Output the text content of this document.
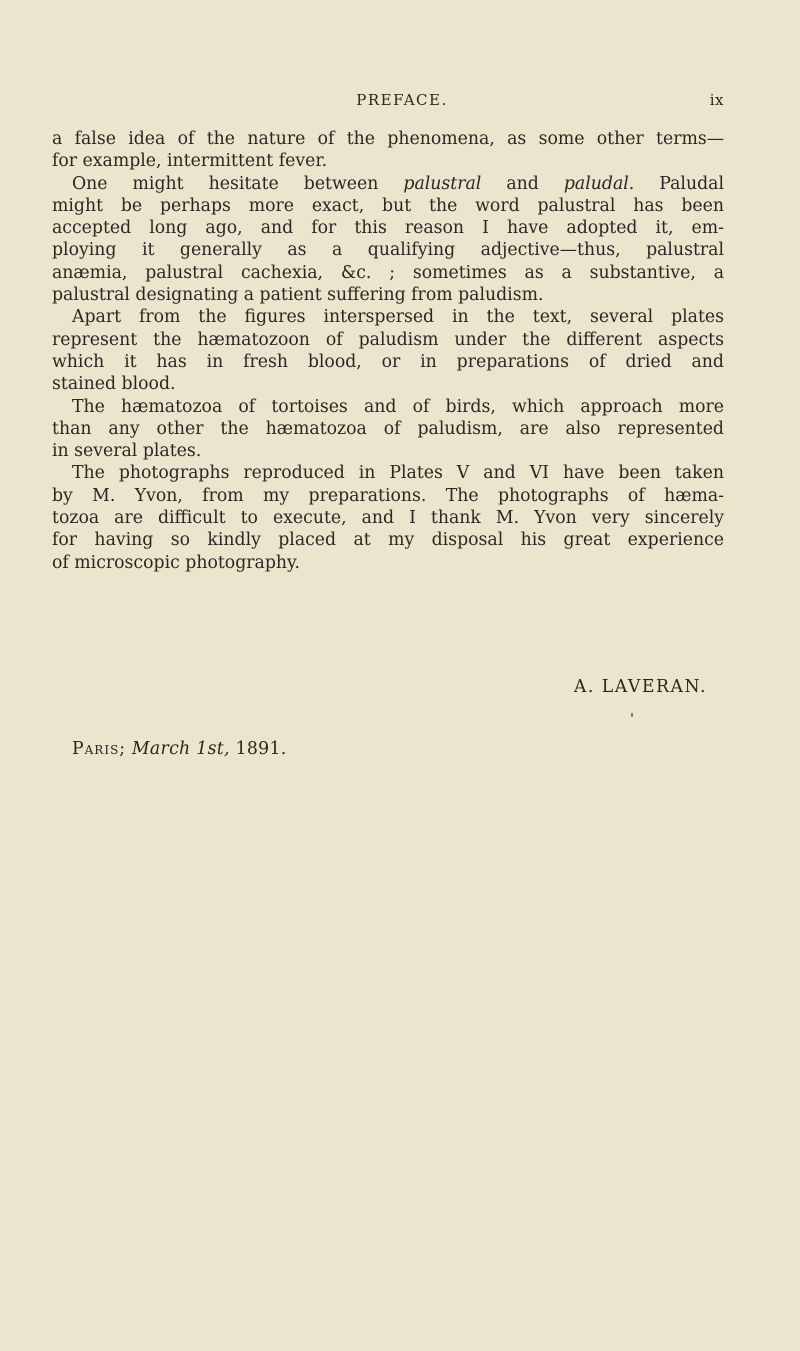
PREFACE.	ix

a false idea of the nature of the phenomena, as some other terms—
for example, intermittent fever.

One might hesitate between palustral and paludal. Paludal
might be perhaps more exact, but the word palustral has been
accepted long ago, and for this reason I have adopted it, em-
ploying it generally as a qualifying adjective—thus, palustral
anæmia, palustral cachexia, &c. ; sometimes as a substantive, a
palustral designating a patient suffering from paludism.

Apart from the figures interspersed in the text, several plates
represent the hæmatozoon of paludism under the different aspects
which it has in fresh blood, or in preparations of dried and
stained blood.

The hæmatozoa of tortoises and of birds, which approach more
than any other the hæmatozoa of paludism, are also represented
in several plates.

The photographs reproduced in Plates V and VI have been taken
by M. Yvon, from my preparations. The photographs of hæma-
tozoa are difficult to execute, and I thank M. Yvon very sincerely
for having so kindly placed at my disposal his great experience
of microscopic photography.

A. LAVERAN.
Paris; March 1st, 1891.
